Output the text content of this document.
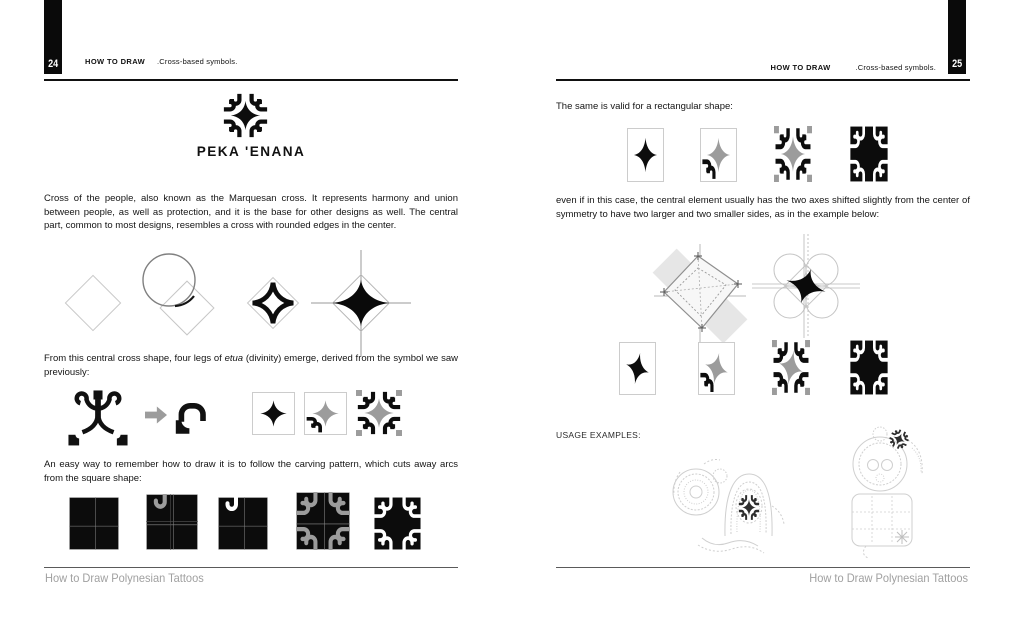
24	HOW TO DRAW .Cross-based symbols.
PEKA 'ENANA
Cross of the people, also known as the Marquesan cross. It represents harmony and union between people, as well as protection, and it is the base for other designs as well. The central part, common to most designs, resembles a cross with rounded edges in the center.
From this central cross shape, four legs of etua (divinity) emerge, derived from the symbol we saw previously:
An easy way to remember how to draw it is to follow the carving pattern, which cuts away arcs from the square shape:
How to Draw Polynesian Tattoos
HOW TO DRAW	.Cross-based symbols. 25
The same is valid for a rectangular shape:
even if in this case, the central element usually has the two axes shifted slightly from the center of symmetry to have two larger and two smaller sides, as in the example below:
USAGE EXAMPLES:
How to Draw Polynesian Tattoos
